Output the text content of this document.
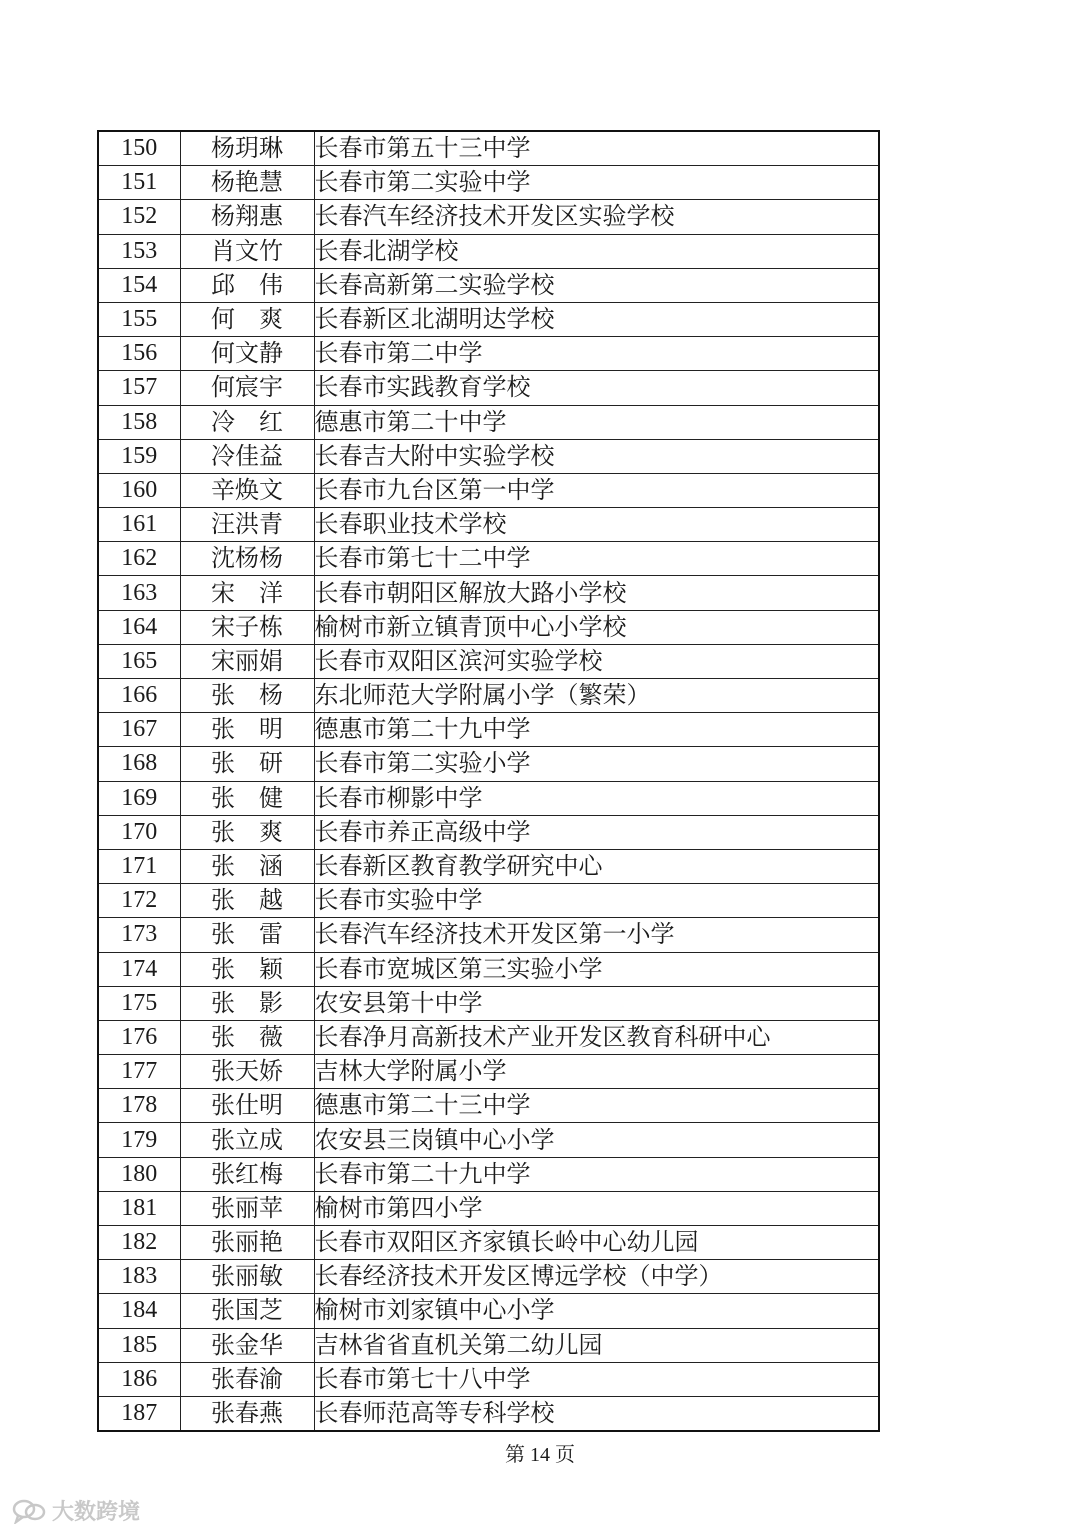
150	杨玥琳	长春市第五十三中学
151	杨艳慧	长春市第二实验中学
152	杨翔惠	长春汽车经济技术开发区实验学校
153	肖文竹	长春北湖学校
154	邱　伟	长春高新第二实验学校
155	何　爽	长春新区北湖明达学校
156	何文静	长春市第二中学
157	何宸宇	长春市实践教育学校
158	冷　红	德惠市第二十中学
159	冷佳益	长春吉大附中实验学校
160	辛焕文	长春市九台区第一中学
161	汪洪青	长春职业技术学校
162	沈杨杨	长春市第七十二中学
163	宋　洋	长春市朝阳区解放大路小学校
164	宋子栋	榆树市新立镇青顶中心小学校
165	宋丽娟	长春市双阳区滨河实验学校
166	张　杨	东北师范大学附属小学（繁荣）
167	张　明	德惠市第二十九中学
168	张　研	长春市第二实验小学
169	张　健	长春市柳影中学
170	张　爽	长春市养正高级中学
171	张　涵	长春新区教育教学研究中心
172	张　越	长春市实验中学
173	张　雷	长春汽车经济技术开发区第一小学
174	张　颖	长春市宽城区第三实验小学
175	张　影	农安县第十中学
176	张　薇	长春净月高新技术产业开发区教育科研中心
177	张天娇	吉林大学附属小学
178	张仕明	德惠市第二十三中学
179	张立成	农安县三岗镇中心小学
180	张红梅	长春市第二十九中学
181	张丽苹	榆树市第四小学
182	张丽艳	长春市双阳区齐家镇长岭中心幼儿园
183	张丽敏	长春经济技术开发区博远学校（中学）
184	张国芝	榆树市刘家镇中心小学
185	张金华	吉林省省直机关第二幼儿园
186	张春渝	长春市第七十八中学
187	张春燕	长春师范高等专科学校
第 14 页
大数跨境
